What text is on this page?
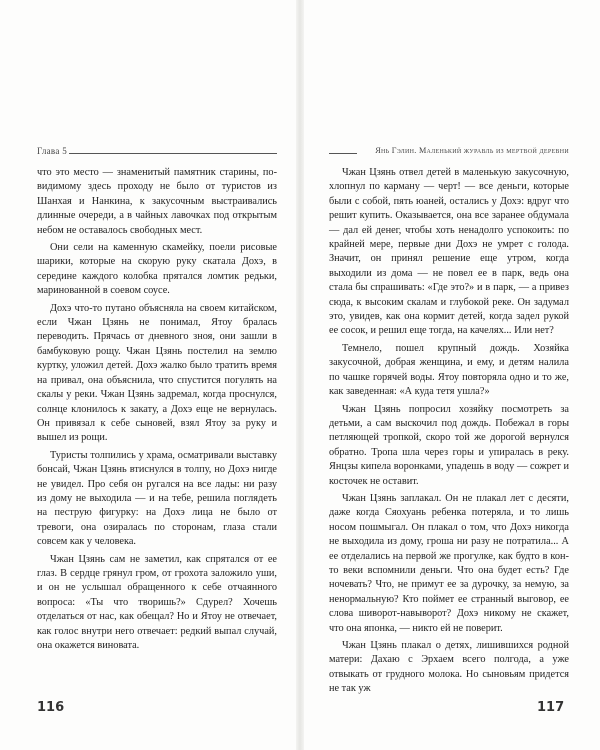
Глава 5

что это место — знаменитый памятник старины, по-видимому здесь проходу не было от туристов из Шанхая и Нанкина, к закусочным выстраивались длинные очереди, а в чайных лавочках под открытым небом не оставалось свободных мест.

Они сели на каменную скамейку, поели рисовые шарики, которые на скорую руку скатала Дохэ, в середине каждого колобка прятался ломтик редьки, маринованной в соевом соусе.

Дохэ что-то путано объясняла на своем китайском, если Чжан Цзянь не понимал, Ятоу бралась переводить. Прячась от дневного зноя, они зашли в бамбуковую рощу. Чжан Цзянь постелил на землю куртку, уложил детей. Дохэ жалко было тратить время на привал, она объяснила, что спустится погулять на скалы у реки. Чжан Цзянь задремал, когда проснулся, солнце клонилось к закату, а Дохэ еще не вернулась. Он привязал к себе сыновей, взял Ятоу за руку и вышел из рощи.

Туристы толпились у храма, осматривали выставку бонсай, Чжан Цзянь втиснулся в толпу, но Дохэ нигде не увидел. Про себя он ругался на все лады: ни разу из дому не выходила — и на тебе, решила поглядеть на пеструю фигурку: на Дохэ лица не было от тревоги, она озиралась по сторонам, глаза стали совсем как у человека.

Чжан Цзянь сам не заметил, как спрятался от ее глаз. В сердце грянул гром, от грохота заложило уши, и он не услышал обращенного к себе отчаянного вопроса: «Ты что творишь?» Сдурел? Хочешь отделаться от нас, как обещал? Но и Ятоу не отвечает, как голос внутри него отвечает: редкий выпал случай, она окажется виновата.

Янь Гэлин. Маленький журавль из мертвой деревни

Чжан Цзянь отвел детей в маленькую закусочную, хлопнул по карману — черт! — все деньги, которые были с собой, пять юаней, остались у Дохэ: вдруг что решит купить. Оказывается, она все заранее обдумала — дал ей денег, чтобы хоть ненадолго успокоить: по крайней мере, первые дни Дохэ не умрет с голода. Значит, он принял решение еще утром, когда выходили из дома — не повел ее в парк, ведь она стала бы спрашивать: «Где это?» и в парк, — а привез сюда, к высоким скалам и глубокой реке. Он задумал это, увидев, как она кормит детей, когда задел рукой ее сосок, и решил еще тогда, на качелях... Или нет?

Темнело, пошел крупный дождь. Хозяйка закусочной, добрая женщина, и ему, и детям налила по чашке горячей воды. Ятоу повторяла одно и то же, как заведенная: «А куда тетя ушла?»

Чжан Цзянь попросил хозяйку посмотреть за детьми, а сам выскочил под дождь. Побежал в горы петляющей тропкой, скоро той же дорогой вернулся обратно. Тропа шла через горы и упиралась в реку. Янцзы кипела воронками, упадешь в воду — сожрет и косточек не оставит.

Чжан Цзянь заплакал. Он не плакал лет с десяти, даже когда Сяохуань ребенка потеряла, и то лишь носом пошмыгал. Он плакал о том, что Дохэ никогда не выходила из дому, гроша ни разу не потратила... А ее отделались на первой же прогулке, как будто в кон-то веки вспомнили деньги. Что она будет есть? Где ночевать? Что, не примут ее за дурочку, за немую, за ненормальную? Кто поймет ее странный выговор, ее слова шиворот-навыворот? Дохэ никому не скажет, что она японка, — никто ей не поверит.

Чжан Цзянь плакал о детях, лишившихся родной матери: Дахаю с Эрхаем всего полгода, а уже отвыкать от грудного молока. Но сыновьям придется не так уж

116	117
